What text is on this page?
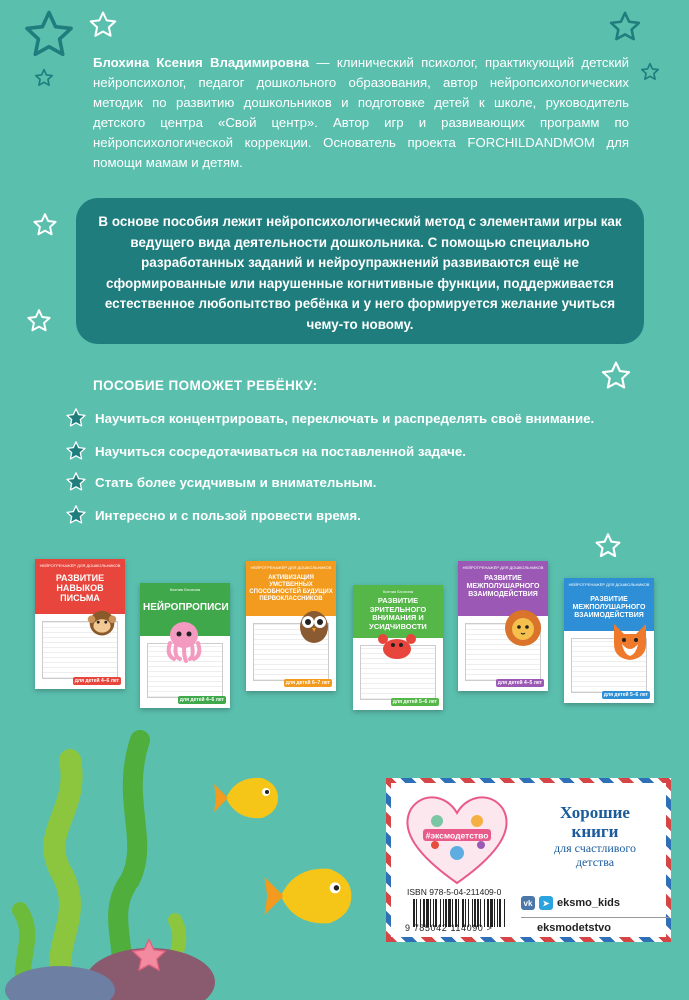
Блохина Ксения Владимировна — клинический психолог, практикующий детский нейропсихолог, педагог дошкольного образования, автор нейропсихологических методик по развитию дошкольников и подготовке детей к школе, руководитель детского центра «Свой центр». Автор игр и развивающих программ по нейропсихологической коррекции. Основатель проекта FORCHILDANDMOM для помощи мамам и детям.
В основе пособия лежит нейропсихологический метод с элементами игры как ведущего вида деятельности дошкольника. С помощью специально разработанных заданий и нейроупражнений развиваются ещё не сформированные или нарушенные когнитивные функции, поддерживается естественное любопытство ребёнка и у него формируется желание учиться чему-то новому.
ПОСОБИЕ ПОМОЖЕТ РЕБЁНКУ:
Научиться концентрировать, переключать и распределять своё внимание.
Научиться сосредотачиваться на поставленной задаче.
Стать более усидчивым и внимательным.
Интересно и с пользой провести время.
НЕЙРОТРЕНАЖЁР ДЛЯ ДОШКОЛЬНИКОВ
РАЗВИТИЕ НАВЫКОВ ПИСЬМА
для детей 4–6 лет
Ксения Блохина
НЕЙРОПРОПИСИ
для детей 4–6 лет
НЕЙРОТРЕНАЖЁР ДЛЯ ДОШКОЛЬНИКОВ
АКТИВИЗАЦИЯ УМСТВЕННЫХ СПОСОБНОСТЕЙ БУДУЩИХ ПЕРВОКЛАССНИКОВ
для детей 6–7 лет
Ксения Блохина
РАЗВИТИЕ ЗРИТЕЛЬНОГО ВНИМАНИЯ И УСИДЧИВОСТИ
для детей 5–6 лет
НЕЙРОТРЕНАЖЁР ДЛЯ ДОШКОЛЬНИКОВ
РАЗВИТИЕ МЕЖПОЛУШАРНОГО ВЗАИМОДЕЙСТВИЯ
для детей 4–5 лет
НЕЙРОТРЕНАЖЁР ДЛЯ ДОШКОЛЬНИКОВ
РАЗВИТИЕ МЕЖПОЛУШАРНОГО ВЗАИМОДЕЙСТВИЯ
для детей 5–6 лет
#эксмодетство
Хорошие
книги
для счастливого
детства
ISBN 978-5-04-211409-0
9 785042 114090 >
vk	➤ eksmo_kids
eksmodetstvo
